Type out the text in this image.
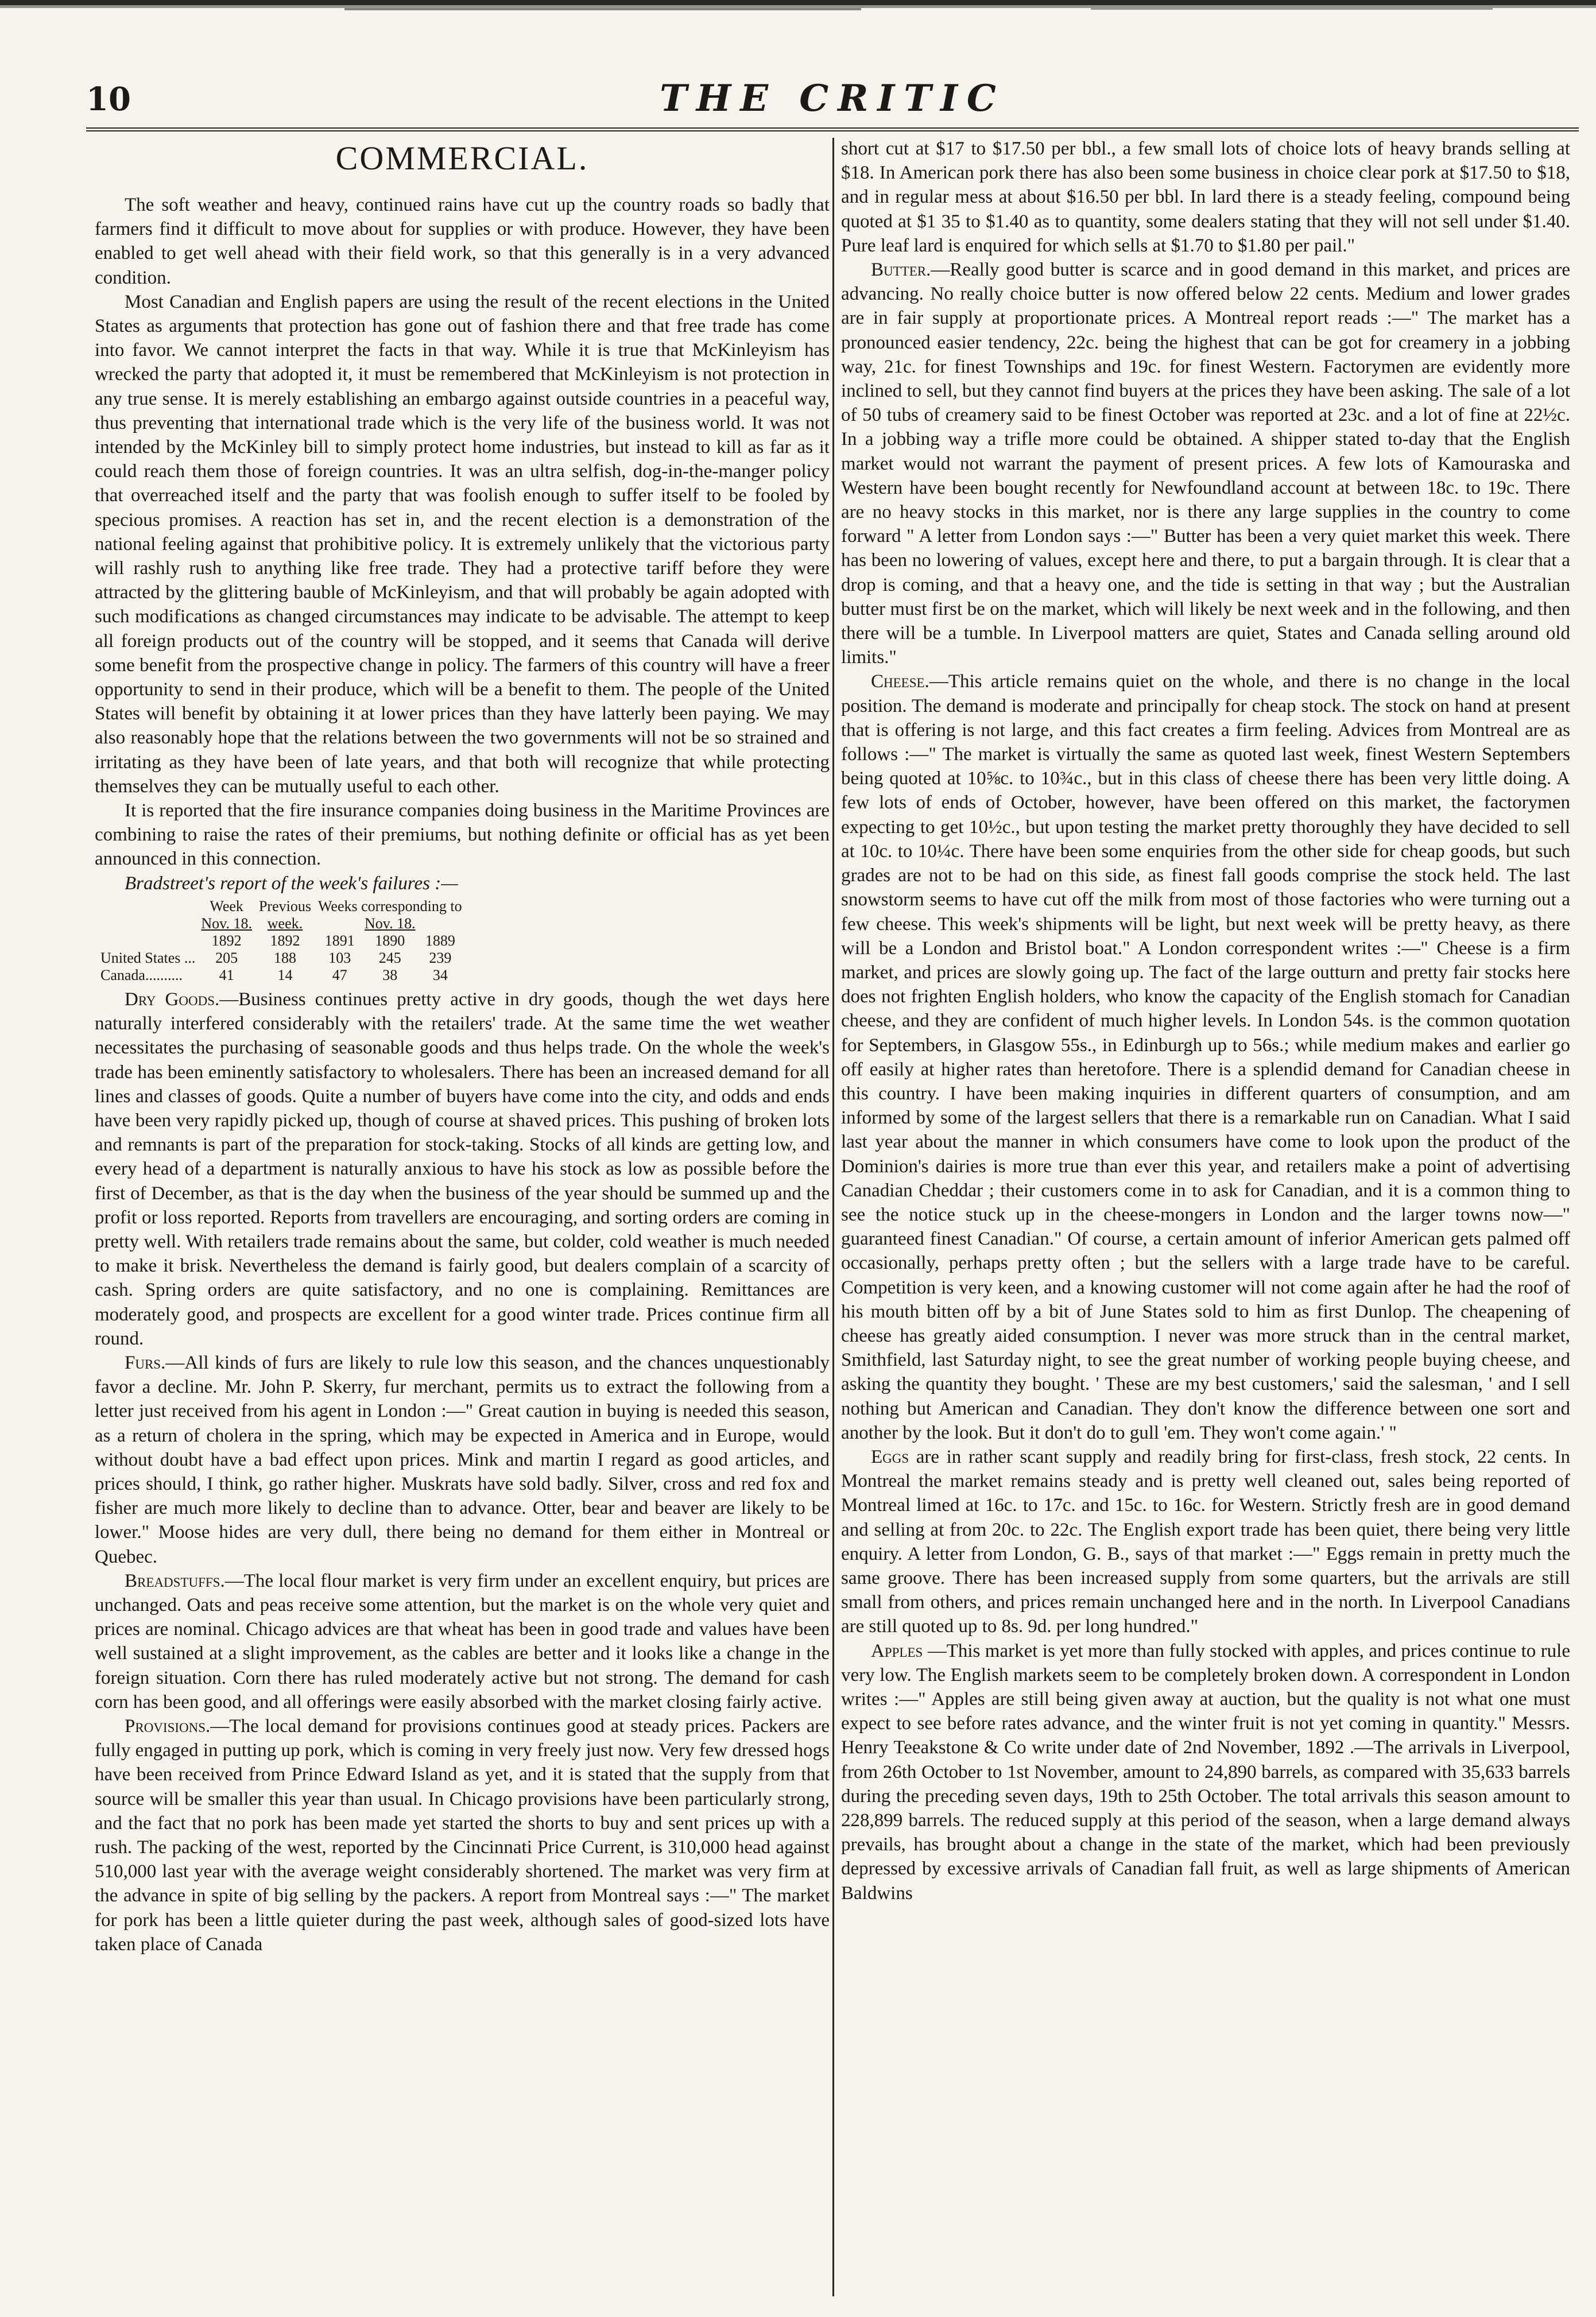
10	THE CRITIC
COMMERCIAL.

The soft weather and heavy, continued rains have cut up the country roads so badly that farmers find it difficult to move about for supplies or with produce. However, they have been enabled to get well ahead with their field work, so that this generally is in a very advanced condition.

Most Canadian and English papers are using the result of the recent elections in the United States as arguments that protection has gone out of fashion there and that free trade has come into favor. We cannot interpret the facts in that way. While it is true that McKinleyism has wrecked the party that adopted it, it must be remembered that McKinleyism is not protection in any true sense. It is merely establishing an embargo against outside countries in a peaceful way, thus preventing that international trade which is the very life of the business world. It was not intended by the McKinley bill to simply protect home industries, but instead to kill as far as it could reach them those of foreign countries. It was an ultra selfish, dog-in-the-manger policy that overreached itself and the party that was foolish enough to suffer itself to be fooled by specious promises. A reaction has set in, and the recent election is a demonstration of the national feeling against that prohibitive policy. It is extremely unlikely that the victorious party will rashly rush to anything like free trade. They had a protective tariff before they were attracted by the glittering bauble of McKinleyism, and that will probably be again adopted with such modifications as changed circumstances may indicate to be advisable. The attempt to keep all foreign products out of the country will be stopped, and it seems that Canada will derive some benefit from the prospective change in policy. The farmers of this country will have a freer opportunity to send in their produce, which will be a benefit to them. The people of the United States will benefit by obtaining it at lower prices than they have latterly been paying. We may also reasonably hope that the relations between the two governments will not be so strained and irritating as they have been of late years, and that both will recognize that while protecting themselves they can be mutually useful to each other.

It is reported that the fire insurance companies doing business in the Maritime Provinces are combining to raise the rates of their premiums, but nothing definite or official has as yet been announced in this connection.

Bradstreet's report of the week's failures :—

	Week	Previous	Weeks corresponding to		
	Nov. 18.	week.	Nov. 18.		
	1892	1892	1891	1890	1889
United States ...	205	188	103	245	239
Canada..........	41	14	47	38	34

Dry Goods.—Business continues pretty active in dry goods, though the wet days here naturally interfered considerably with the retailers' trade. At the same time the wet weather necessitates the purchasing of seasonable goods and thus helps trade. On the whole the week's trade has been eminently satisfactory to wholesalers. There has been an increased demand for all lines and classes of goods. Quite a number of buyers have come into the city, and odds and ends have been very rapidly picked up, though of course at shaved prices. This pushing of broken lots and remnants is part of the preparation for stock-taking. Stocks of all kinds are getting low, and every head of a department is naturally anxious to have his stock as low as possible before the first of December, as that is the day when the business of the year should be summed up and the profit or loss reported. Reports from travellers are encouraging, and sorting orders are coming in pretty well. With retailers trade remains about the same, but colder, cold weather is much needed to make it brisk. Nevertheless the demand is fairly good, but dealers complain of a scarcity of cash. Spring orders are quite satisfactory, and no one is complaining. Remittances are moderately good, and prospects are excellent for a good winter trade. Prices continue firm all round.

Furs.—All kinds of furs are likely to rule low this season, and the chances unquestionably favor a decline. Mr. John P. Skerry, fur merchant, permits us to extract the following from a letter just received from his agent in London :—" Great caution in buying is needed this season, as a return of cholera in the spring, which may be expected in America and in Europe, would without doubt have a bad effect upon prices. Mink and martin I regard as good articles, and prices should, I think, go rather higher. Muskrats have sold badly. Silver, cross and red fox and fisher are much more likely to decline than to advance. Otter, bear and beaver are likely to be lower." Moose hides are very dull, there being no demand for them either in Montreal or Quebec.

Breadstuffs.—The local flour market is very firm under an excellent enquiry, but prices are unchanged. Oats and peas receive some attention, but the market is on the whole very quiet and prices are nominal. Chicago advices are that wheat has been in good trade and values have been well sustained at a slight improvement, as the cables are better and it looks like a change in the foreign situation. Corn there has ruled moderately active but not strong. The demand for cash corn has been good, and all offerings were easily absorbed with the market closing fairly active.

Provisions.—The local demand for provisions continues good at steady prices. Packers are fully engaged in putting up pork, which is coming in very freely just now. Very few dressed hogs have been received from Prince Edward Island as yet, and it is stated that the supply from that source will be smaller this year than usual. In Chicago provisions have been particularly strong, and the fact that no pork has been made yet started the shorts to buy and sent prices up with a rush. The packing of the west, reported by the Cincinnati Price Current, is 310,000 head against 510,000 last year with the average weight considerably shortened. The market was very firm at the advance in spite of big selling by the packers. A report from Montreal says :—" The market for pork has been a little quieter during the past week, although sales of good-sized lots have taken place of Canada

short cut at $17 to $17.50 per bbl., a few small lots of choice lots of heavy brands selling at $18. In American pork there has also been some business in choice clear pork at $17.50 to $18, and in regular mess at about $16.50 per bbl. In lard there is a steady feeling, compound being quoted at $1 35 to $1.40 as to quantity, some dealers stating that they will not sell under $1.40. Pure leaf lard is enquired for which sells at $1.70 to $1.80 per pail."

Butter.—Really good butter is scarce and in good demand in this market, and prices are advancing. No really choice butter is now offered below 22 cents. Medium and lower grades are in fair supply at proportionate prices. A Montreal report reads :—" The market has a pronounced easier tendency, 22c. being the highest that can be got for creamery in a jobbing way, 21c. for finest Townships and 19c. for finest Western. Factorymen are evidently more inclined to sell, but they cannot find buyers at the prices they have been asking. The sale of a lot of 50 tubs of creamery said to be finest October was reported at 23c. and a lot of fine at 22½c. In a jobbing way a trifle more could be obtained. A shipper stated to-day that the English market would not warrant the payment of present prices. A few lots of Kamouraska and Western have been bought recently for Newfoundland account at between 18c. to 19c. There are no heavy stocks in this market, nor is there any large supplies in the country to come forward " A letter from London says :—" Butter has been a very quiet market this week. There has been no lowering of values, except here and there, to put a bargain through. It is clear that a drop is coming, and that a heavy one, and the tide is setting in that way ; but the Australian butter must first be on the market, which will likely be next week and in the following, and then there will be a tumble. In Liverpool matters are quiet, States and Canada selling around old limits."

Cheese.—This article remains quiet on the whole, and there is no change in the local position. The demand is moderate and principally for cheap stock. The stock on hand at present that is offering is not large, and this fact creates a firm feeling. Advices from Montreal are as follows :—" The market is virtually the same as quoted last week, finest Western Septembers being quoted at 10⅝c. to 10¾c., but in this class of cheese there has been very little doing. A few lots of ends of October, however, have been offered on this market, the factorymen expecting to get 10½c., but upon testing the market pretty thoroughly they have decided to sell at 10c. to 10¼c. There have been some enquiries from the other side for cheap goods, but such grades are not to be had on this side, as finest fall goods comprise the stock held. The last snowstorm seems to have cut off the milk from most of those factories who were turning out a few cheese. This week's shipments will be light, but next week will be pretty heavy, as there will be a London and Bristol boat." A London correspondent writes :—" Cheese is a firm market, and prices are slowly going up. The fact of the large outturn and pretty fair stocks here does not frighten English holders, who know the capacity of the English stomach for Canadian cheese, and they are confident of much higher levels. In London 54s. is the common quotation for Septembers, in Glasgow 55s., in Edinburgh up to 56s.; while medium makes and earlier go off easily at higher rates than heretofore. There is a splendid demand for Canadian cheese in this country. I have been making inquiries in different quarters of consumption, and am informed by some of the largest sellers that there is a remarkable run on Canadian. What I said last year about the manner in which consumers have come to look upon the product of the Dominion's dairies is more true than ever this year, and retailers make a point of advertising Canadian Cheddar ; their customers come in to ask for Canadian, and it is a common thing to see the notice stuck up in the cheese-mongers in London and the larger towns now—" guaranteed finest Canadian." Of course, a certain amount of inferior American gets palmed off occasionally, perhaps pretty often ; but the sellers with a large trade have to be careful. Competition is very keen, and a knowing customer will not come again after he had the roof of his mouth bitten off by a bit of June States sold to him as first Dunlop. The cheapening of cheese has greatly aided consumption. I never was more struck than in the central market, Smithfield, last Saturday night, to see the great number of working people buying cheese, and asking the quantity they bought. ' These are my best customers,' said the salesman, ' and I sell nothing but American and Canadian. They don't know the difference between one sort and another by the look. But it don't do to gull 'em. They won't come again.' "

Eggs are in rather scant supply and readily bring for first-class, fresh stock, 22 cents. In Montreal the market remains steady and is pretty well cleaned out, sales being reported of Montreal limed at 16c. to 17c. and 15c. to 16c. for Western. Strictly fresh are in good demand and selling at from 20c. to 22c. The English export trade has been quiet, there being very little enquiry. A letter from London, G. B., says of that market :—" Eggs remain in pretty much the same groove. There has been increased supply from some quarters, but the arrivals are still small from others, and prices remain unchanged here and in the north. In Liverpool Canadians are still quoted up to 8s. 9d. per long hundred."

Apples —This market is yet more than fully stocked with apples, and prices continue to rule very low. The English markets seem to be completely broken down. A correspondent in London writes :—" Apples are still being given away at auction, but the quality is not what one must expect to see before rates advance, and the winter fruit is not yet coming in quantity." Messrs. Henry Teeakstone & Co write under date of 2nd November, 1892 .—The arrivals in Liverpool, from 26th October to 1st November, amount to 24,890 barrels, as compared with 35,633 barrels during the preceding seven days, 19th to 25th October. The total arrivals this season amount to 228,899 barrels. The reduced supply at this period of the season, when a large demand always prevails, has brought about a change in the state of the market, which had been previously depressed by excessive arrivals of Canadian fall fruit, as well as large shipments of American Baldwins
